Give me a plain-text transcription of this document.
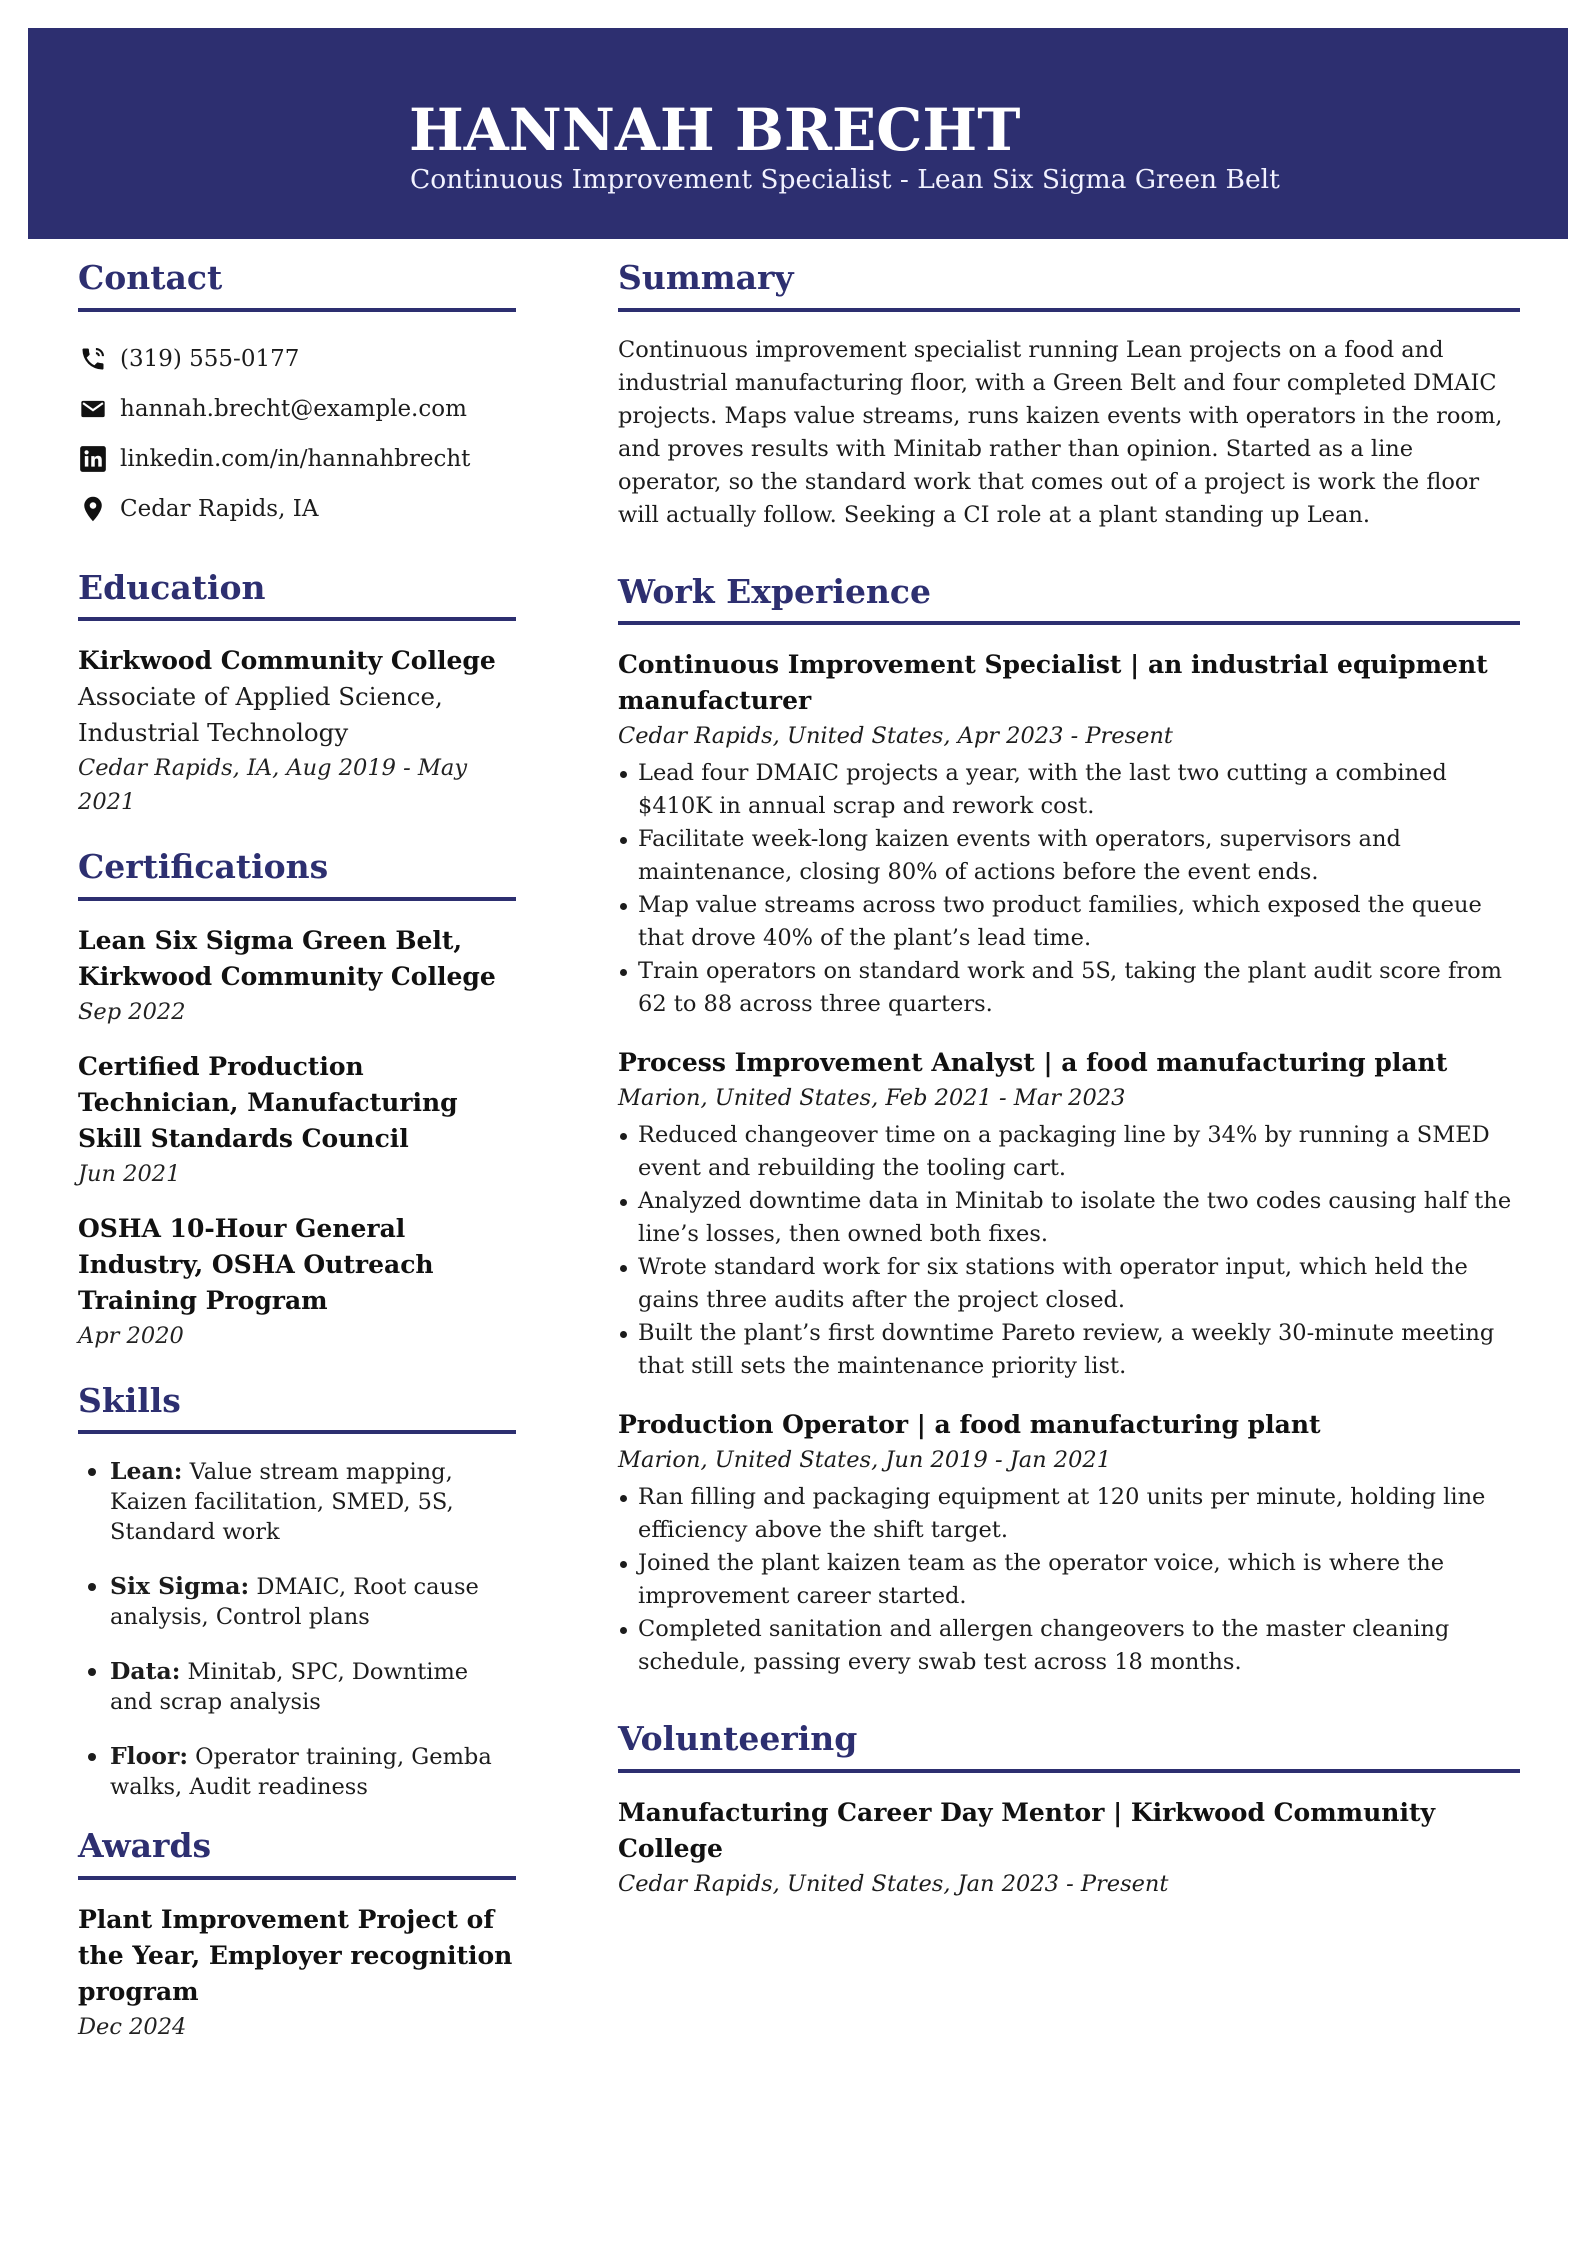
HANNAH BRECHT
Continuous Improvement Specialist - Lean Six Sigma Green Belt
Contact
(319) 555-0177
hannah.brecht@example.com
linkedin.com/in/hannahbrecht
Cedar Rapids, IA
Education
Kirkwood Community College
Associate of Applied Science,
Industrial Technology
Cedar Rapids, IA, Aug 2019 - May 2021
Certifications
Lean Six Sigma Green Belt, Kirkwood Community College
Sep 2022
Certified Production Technician, Manufacturing Skill Standards Council
Jun 2021
OSHA 10-Hour General Industry, OSHA Outreach Training Program
Apr 2020
Skills
Lean: Value stream mapping, Kaizen facilitation, SMED, 5S, Standard work
Six Sigma: DMAIC, Root cause analysis, Control plans
Data: Minitab, SPC, Downtime and scrap analysis
Floor: Operator training, Gemba walks, Audit readiness
Awards
Plant Improvement Project of the Year, Employer recognition program
Dec 2024
Summary

Continuous improvement specialist running Lean projects on a food and industrial manufacturing floor, with a Green Belt and four completed DMAIC projects. Maps value streams, runs kaizen events with operators in the room, and proves results with Minitab rather than opinion. Started as a line operator, so the standard work that comes out of a project is work the floor will actually follow. Seeking a CI role at a plant standing up Lean.

Work Experience
Continuous Improvement Specialist | an industrial equipment manufacturer
Cedar Rapids, United States, Apr 2023 - Present
Lead four DMAIC projects a year, with the last two cutting a combined $410K in annual scrap and rework cost.
Facilitate week-long kaizen events with operators, supervisors and maintenance, closing 80% of actions before the event ends.
Map value streams across two product families, which exposed the queue that drove 40% of the plant’s lead time.
Train operators on standard work and 5S, taking the plant audit score from 62 to 88 across three quarters.
Process Improvement Analyst | a food manufacturing plant
Marion, United States, Feb 2021 - Mar 2023
Reduced changeover time on a packaging line by 34% by running a SMED event and rebuilding the tooling cart.
Analyzed downtime data in Minitab to isolate the two codes causing half the line’s losses, then owned both fixes.
Wrote standard work for six stations with operator input, which held the gains three audits after the project closed.
Built the plant’s first downtime Pareto review, a weekly 30-minute meeting that still sets the maintenance priority list.
Production Operator | a food manufacturing plant
Marion, United States, Jun 2019 - Jan 2021
Ran filling and packaging equipment at 120 units per minute, holding line efficiency above the shift target.
Joined the plant kaizen team as the operator voice, which is where the improvement career started.
Completed sanitation and allergen changeovers to the master cleaning schedule, passing every swab test across 18 months.
Volunteering
Manufacturing Career Day Mentor | Kirkwood Community College
Cedar Rapids, United States, Jan 2023 - Present
